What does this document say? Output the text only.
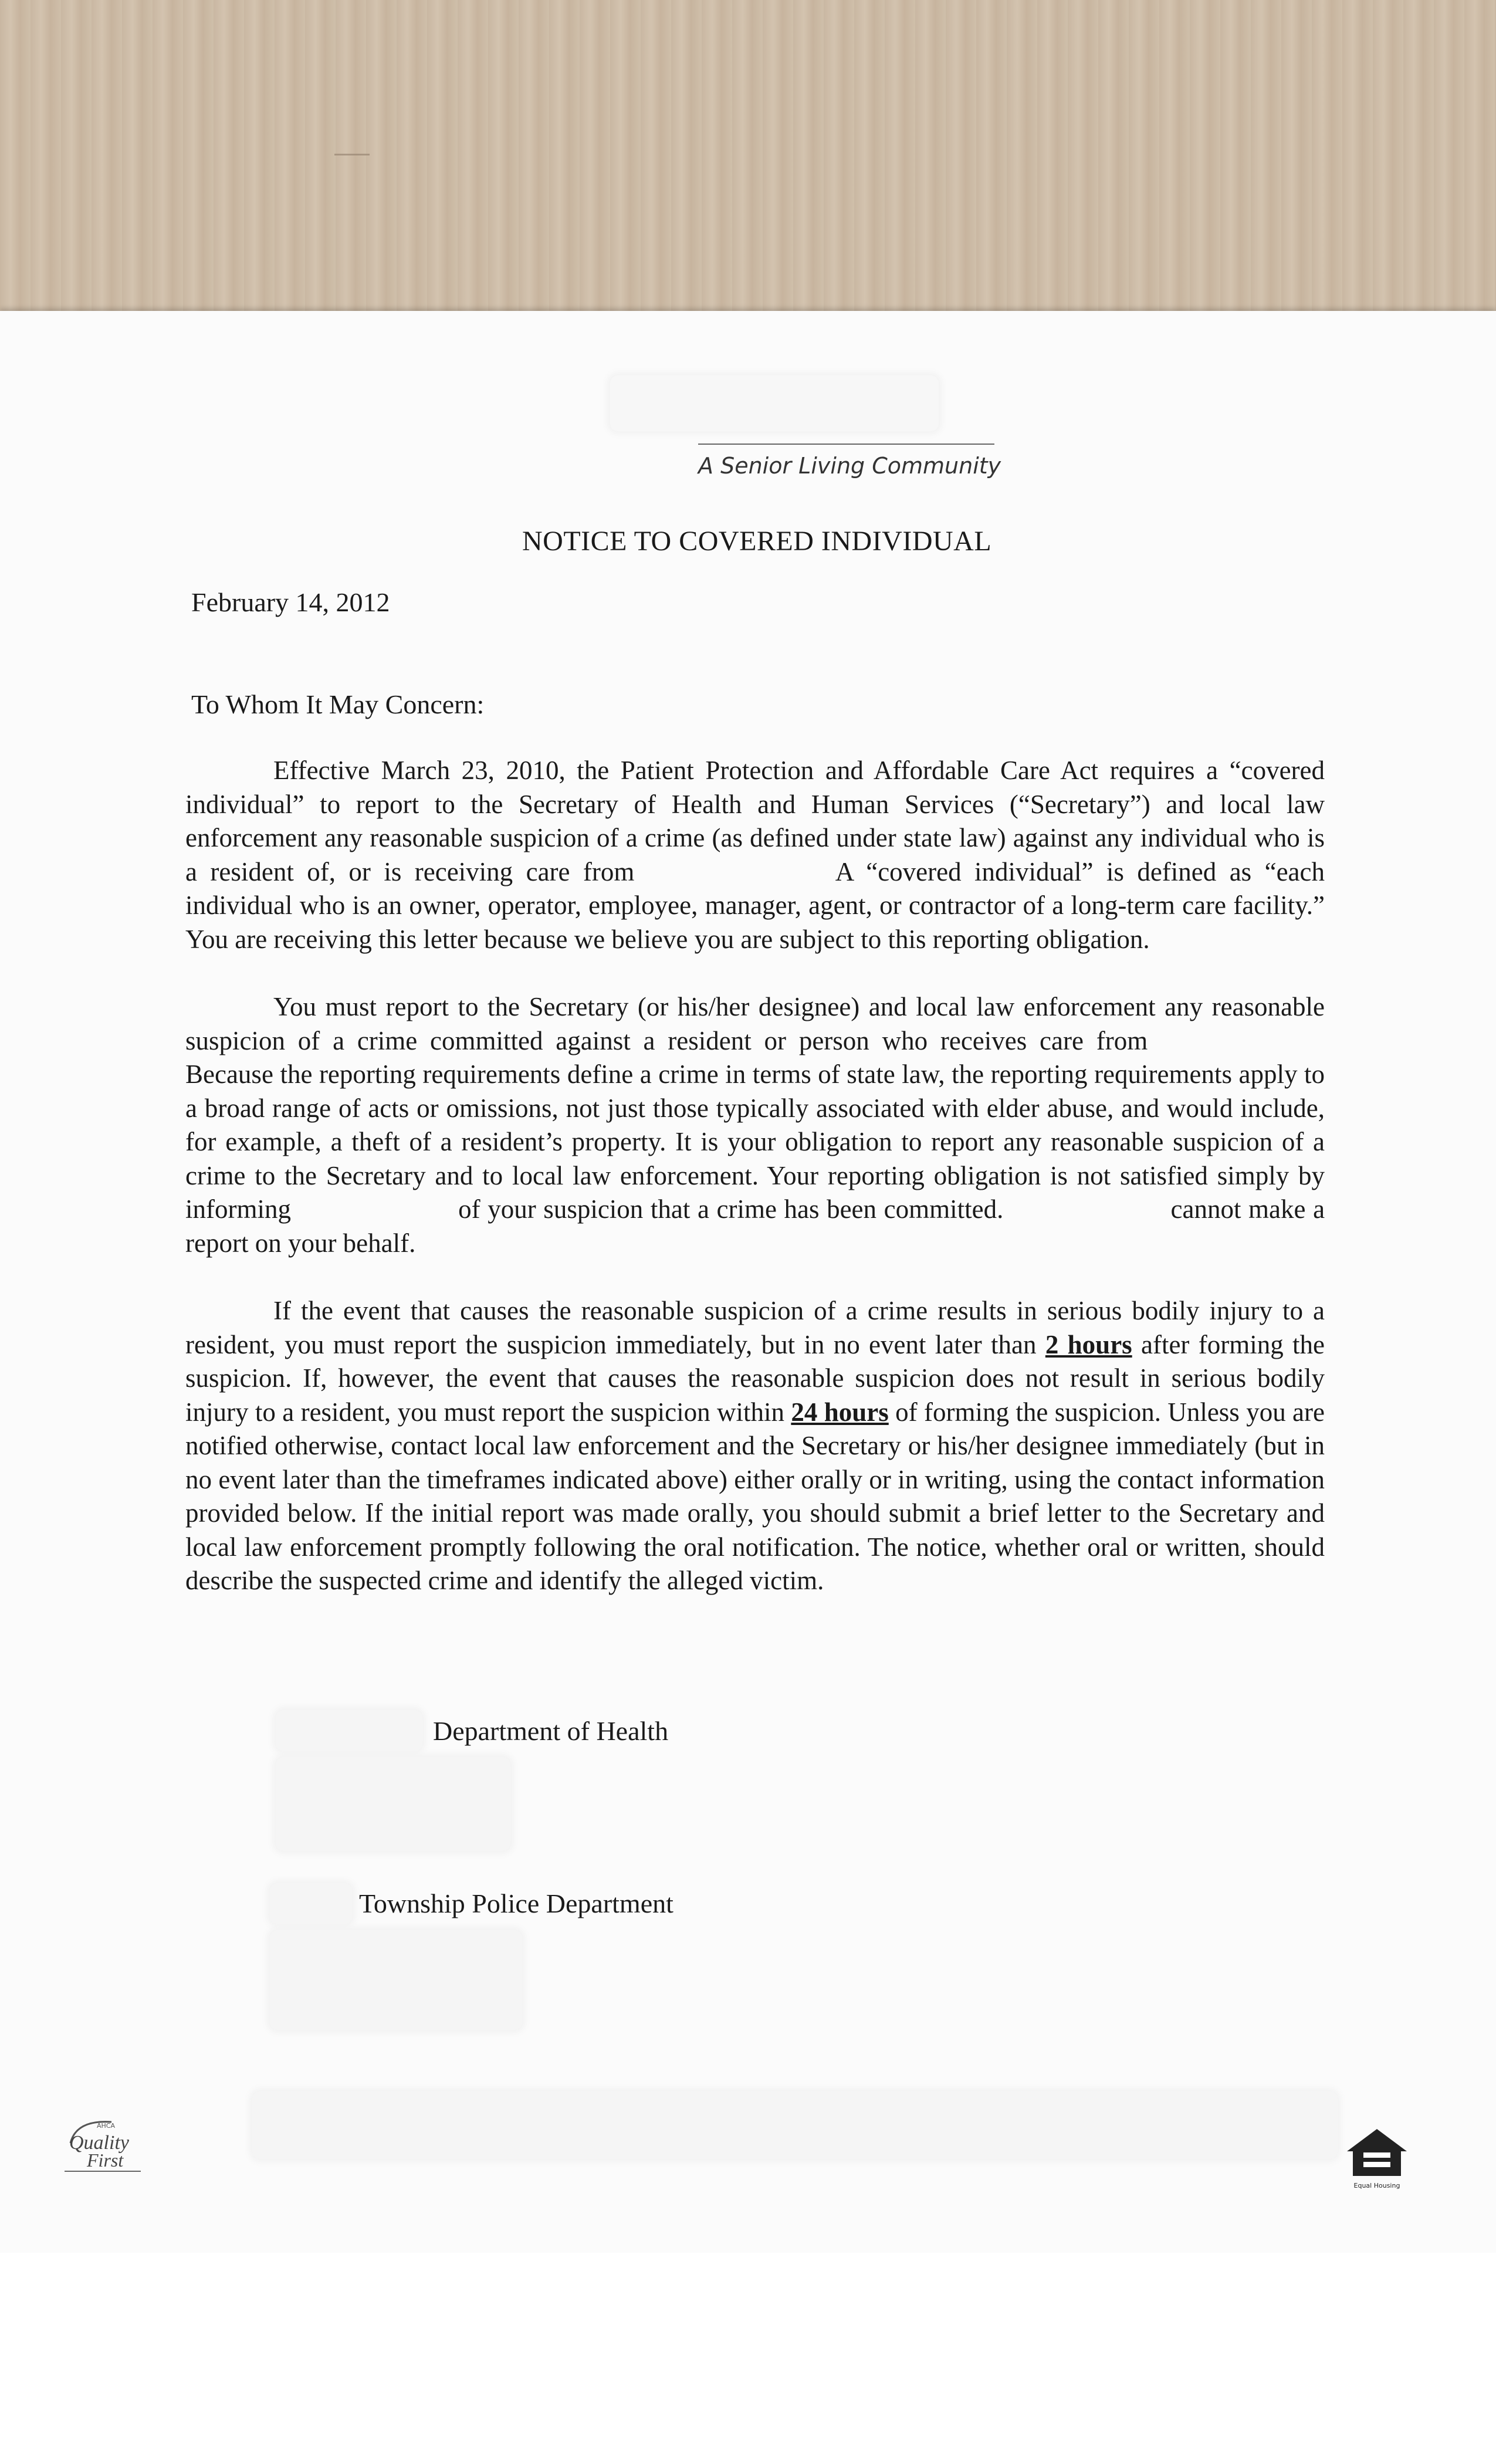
A Senior Living Community
NOTICE TO COVERED INDIVIDUAL
February 14, 2012
To Whom It May Concern:

Effective March 23, 2010, the Patient Protection and Affordable Care Act requires a “covered individual” to report to the Secretary of Health and Human Services (“Secretary”) and local law enforcement any reasonable suspicion of a crime (as defined under state law) against any individual who is a resident of, or is receiving care from	A “covered individual” is defined as “each individual who is an owner, operator, employee, manager, agent, or contractor of a long-term care facility.” You are receiving this letter because we believe you are subject to this reporting obligation.

You must report to the Secretary (or his/her designee) and local law enforcement any reasonable suspicion of a crime committed against a resident or person who receives care from  Because the reporting requirements define a crime in terms of state law, the reporting requirements apply to a broad range of acts or omissions, not just those typically associated with elder abuse, and would include, for example, a theft of a resident’s property. It is your obligation to report any reasonable suspicion of a crime to the Secretary and to local law enforcement. Your reporting obligation is not satisfied simply by informing	of your suspicion that a crime has been committed.	cannot make a report on your behalf.

If the event that causes the reasonable suspicion of a crime results in serious bodily injury to a resident, you must report the suspicion immediately, but in no event later than 2 hours after forming the suspicion. If, however, the event that causes the reasonable suspicion does not result in serious bodily injury to a resident, you must report the suspicion within 24 hours of forming the suspicion. Unless you are notified otherwise, contact local law enforcement and the Secretary or his/her designee immediately (but in no event later than the timeframes indicated above) either orally or in writing, using the contact information provided below. If the initial report was made orally, you should submit a brief letter to the Secretary and local law enforcement promptly following the oral notification. The notice, whether oral or written, should describe the suspected crime and identify the alleged victim.

Department of Health
Township Police Department
AHCA
Quality
First
Equal Housing
